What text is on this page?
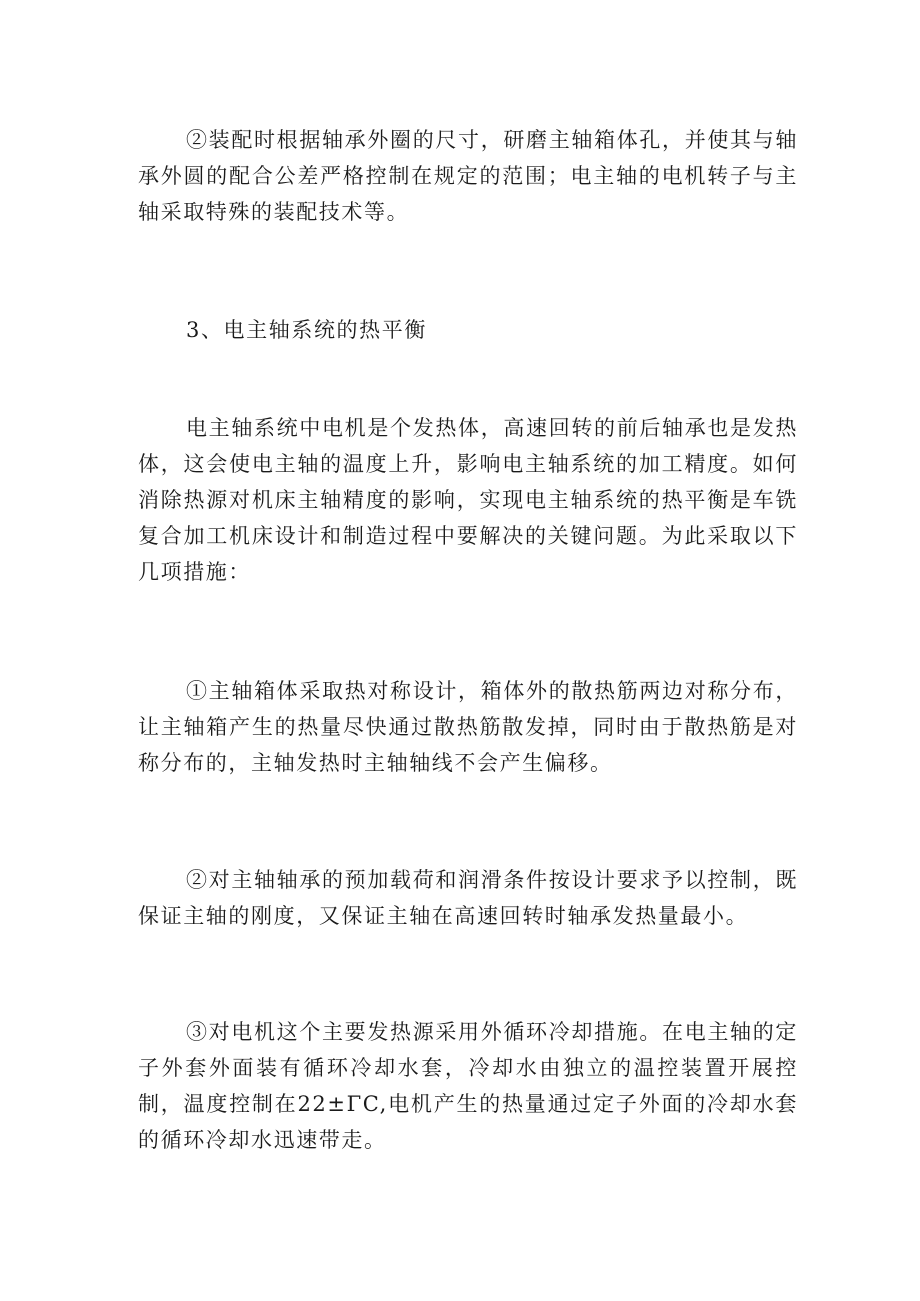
②装配时根据轴承外圈的尺寸，研磨主轴箱体孔，并使其与轴承外圆的配合公差严格控制在规定的范围；电主轴的电机转子与主轴采取特殊的装配技术等。

3、电主轴系统的热平衡

电主轴系统中电机是个发热体，高速回转的前后轴承也是发热体，这会使电主轴的温度上升，影响电主轴系统的加工精度。如何消除热源对机床主轴精度的影响，实现电主轴系统的热平衡是车铣复合加工机床设计和制造过程中要解决的关键问题。为此采取以下几项措施：

①主轴箱体采取热对称设计，箱体外的散热筋两边对称分布，让主轴箱产生的热量尽快通过散热筋散发掉，同时由于散热筋是对称分布的，主轴发热时主轴轴线不会产生偏移。

②对主轴轴承的预加载荷和润滑条件按设计要求予以控制，既保证主轴的刚度，又保证主轴在高速回转时轴承发热量最小。

③对电机这个主要发热源采用外循环冷却措施。在电主轴的定子外套外面装有循环冷却水套，冷却水由独立的温控装置开展控制，温度控制在22±ΓC,电机产生的热量通过定子外面的冷却水套的循环冷却水迅速带走。
